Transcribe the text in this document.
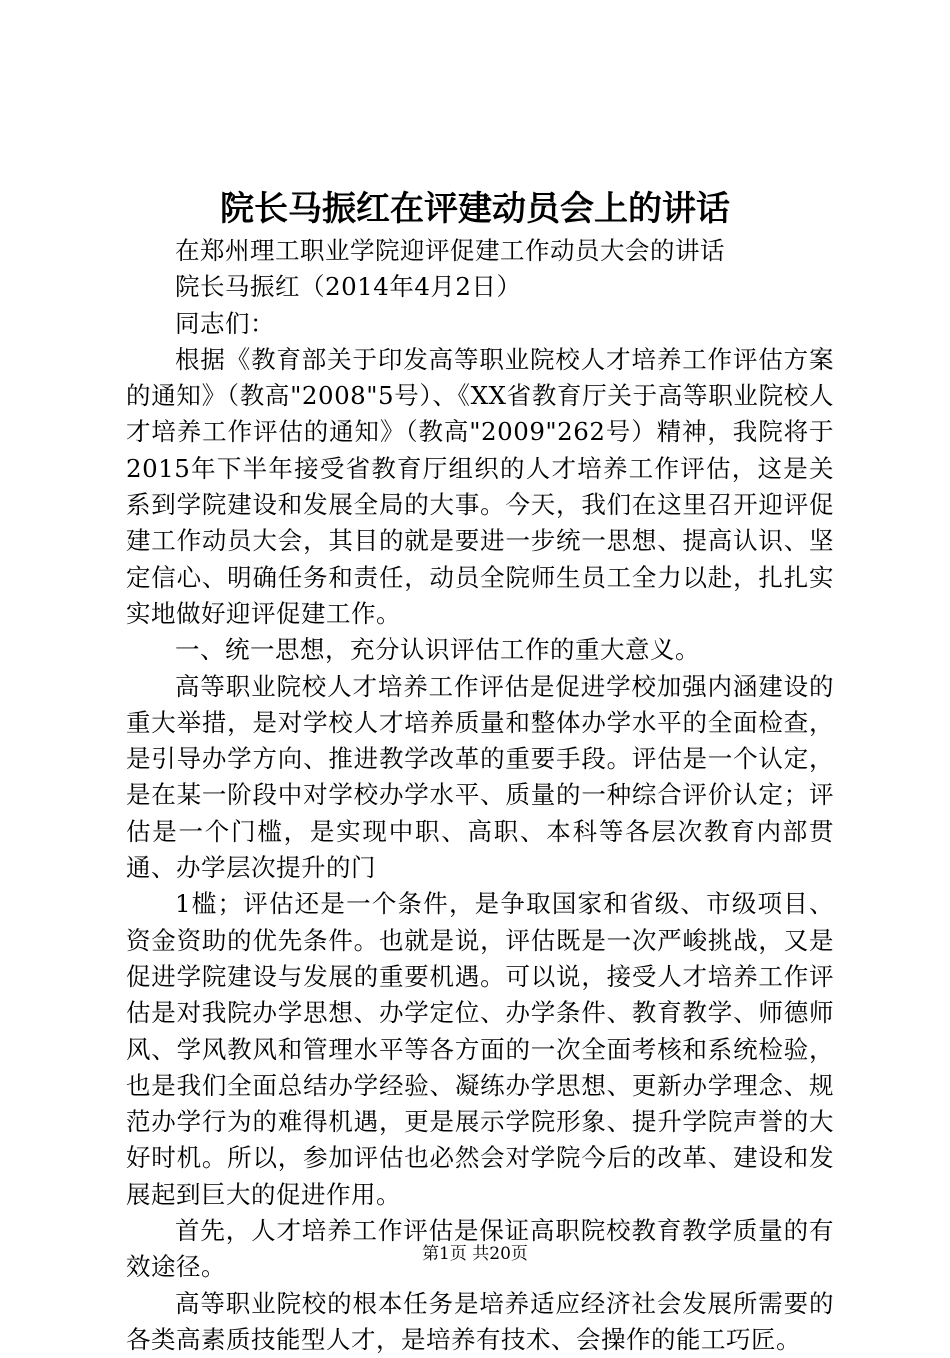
院长马振红在评建动员会上的讲话

在郑州理工职业学院迎评促建工作动员大会的讲话

院长马振红（2014年4月2日）

同志们：

根据《教育部关于印发高等职业院校人才培养工作评估方案的通知》（教高"2008"5号）、《XX省教育厅关于高等职业院校人才培养工作评估的通知》（教高"2009"262号）精神，我院将于2015年下半年接受省教育厅组织的人才培养工作评估，这是关系到学院建设和发展全局的大事。今天，我们在这里召开迎评促建工作动员大会，其目的就是要进一步统一思想、提高认识、坚定信心、明确任务和责任，动员全院师生员工全力以赴，扎扎实实地做好迎评促建工作。

一、统一思想，充分认识评估工作的重大意义。

高等职业院校人才培养工作评估是促进学校加强内涵建设的重大举措，是对学校人才培养质量和整体办学水平的全面检查，是引导办学方向、推进教学改革的重要手段。评估是一个认定，是在某一阶段中对学校办学水平、质量的一种综合评价认定；评估是一个门槛，是实现中职、高职、本科等各层次教育内部贯通、办学层次提升的门

1槛；评估还是一个条件，是争取国家和省级、市级项目、资金资助的优先条件。也就是说，评估既是一次严峻挑战，又是促进学院建设与发展的重要机遇。可以说，接受人才培养工作评估是对我院办学思想、办学定位、办学条件、教育教学、师德师风、学风教风和管理水平等各方面的一次全面考核和系统检验，也是我们全面总结办学经验、凝练办学思想、更新办学理念、规范办学行为的难得机遇，更是展示学院形象、提升学院声誉的大好时机。所以，参加评估也必然会对学院今后的改革、建设和发展起到巨大的促进作用。

首先，人才培养工作评估是保证高职院校教育教学质量的有效途径。

高等职业院校的根本任务是培养适应经济社会发展所需要的各类高素质技能型人才，是培养有技术、会操作的能工巧匠。

第1页 共20页
